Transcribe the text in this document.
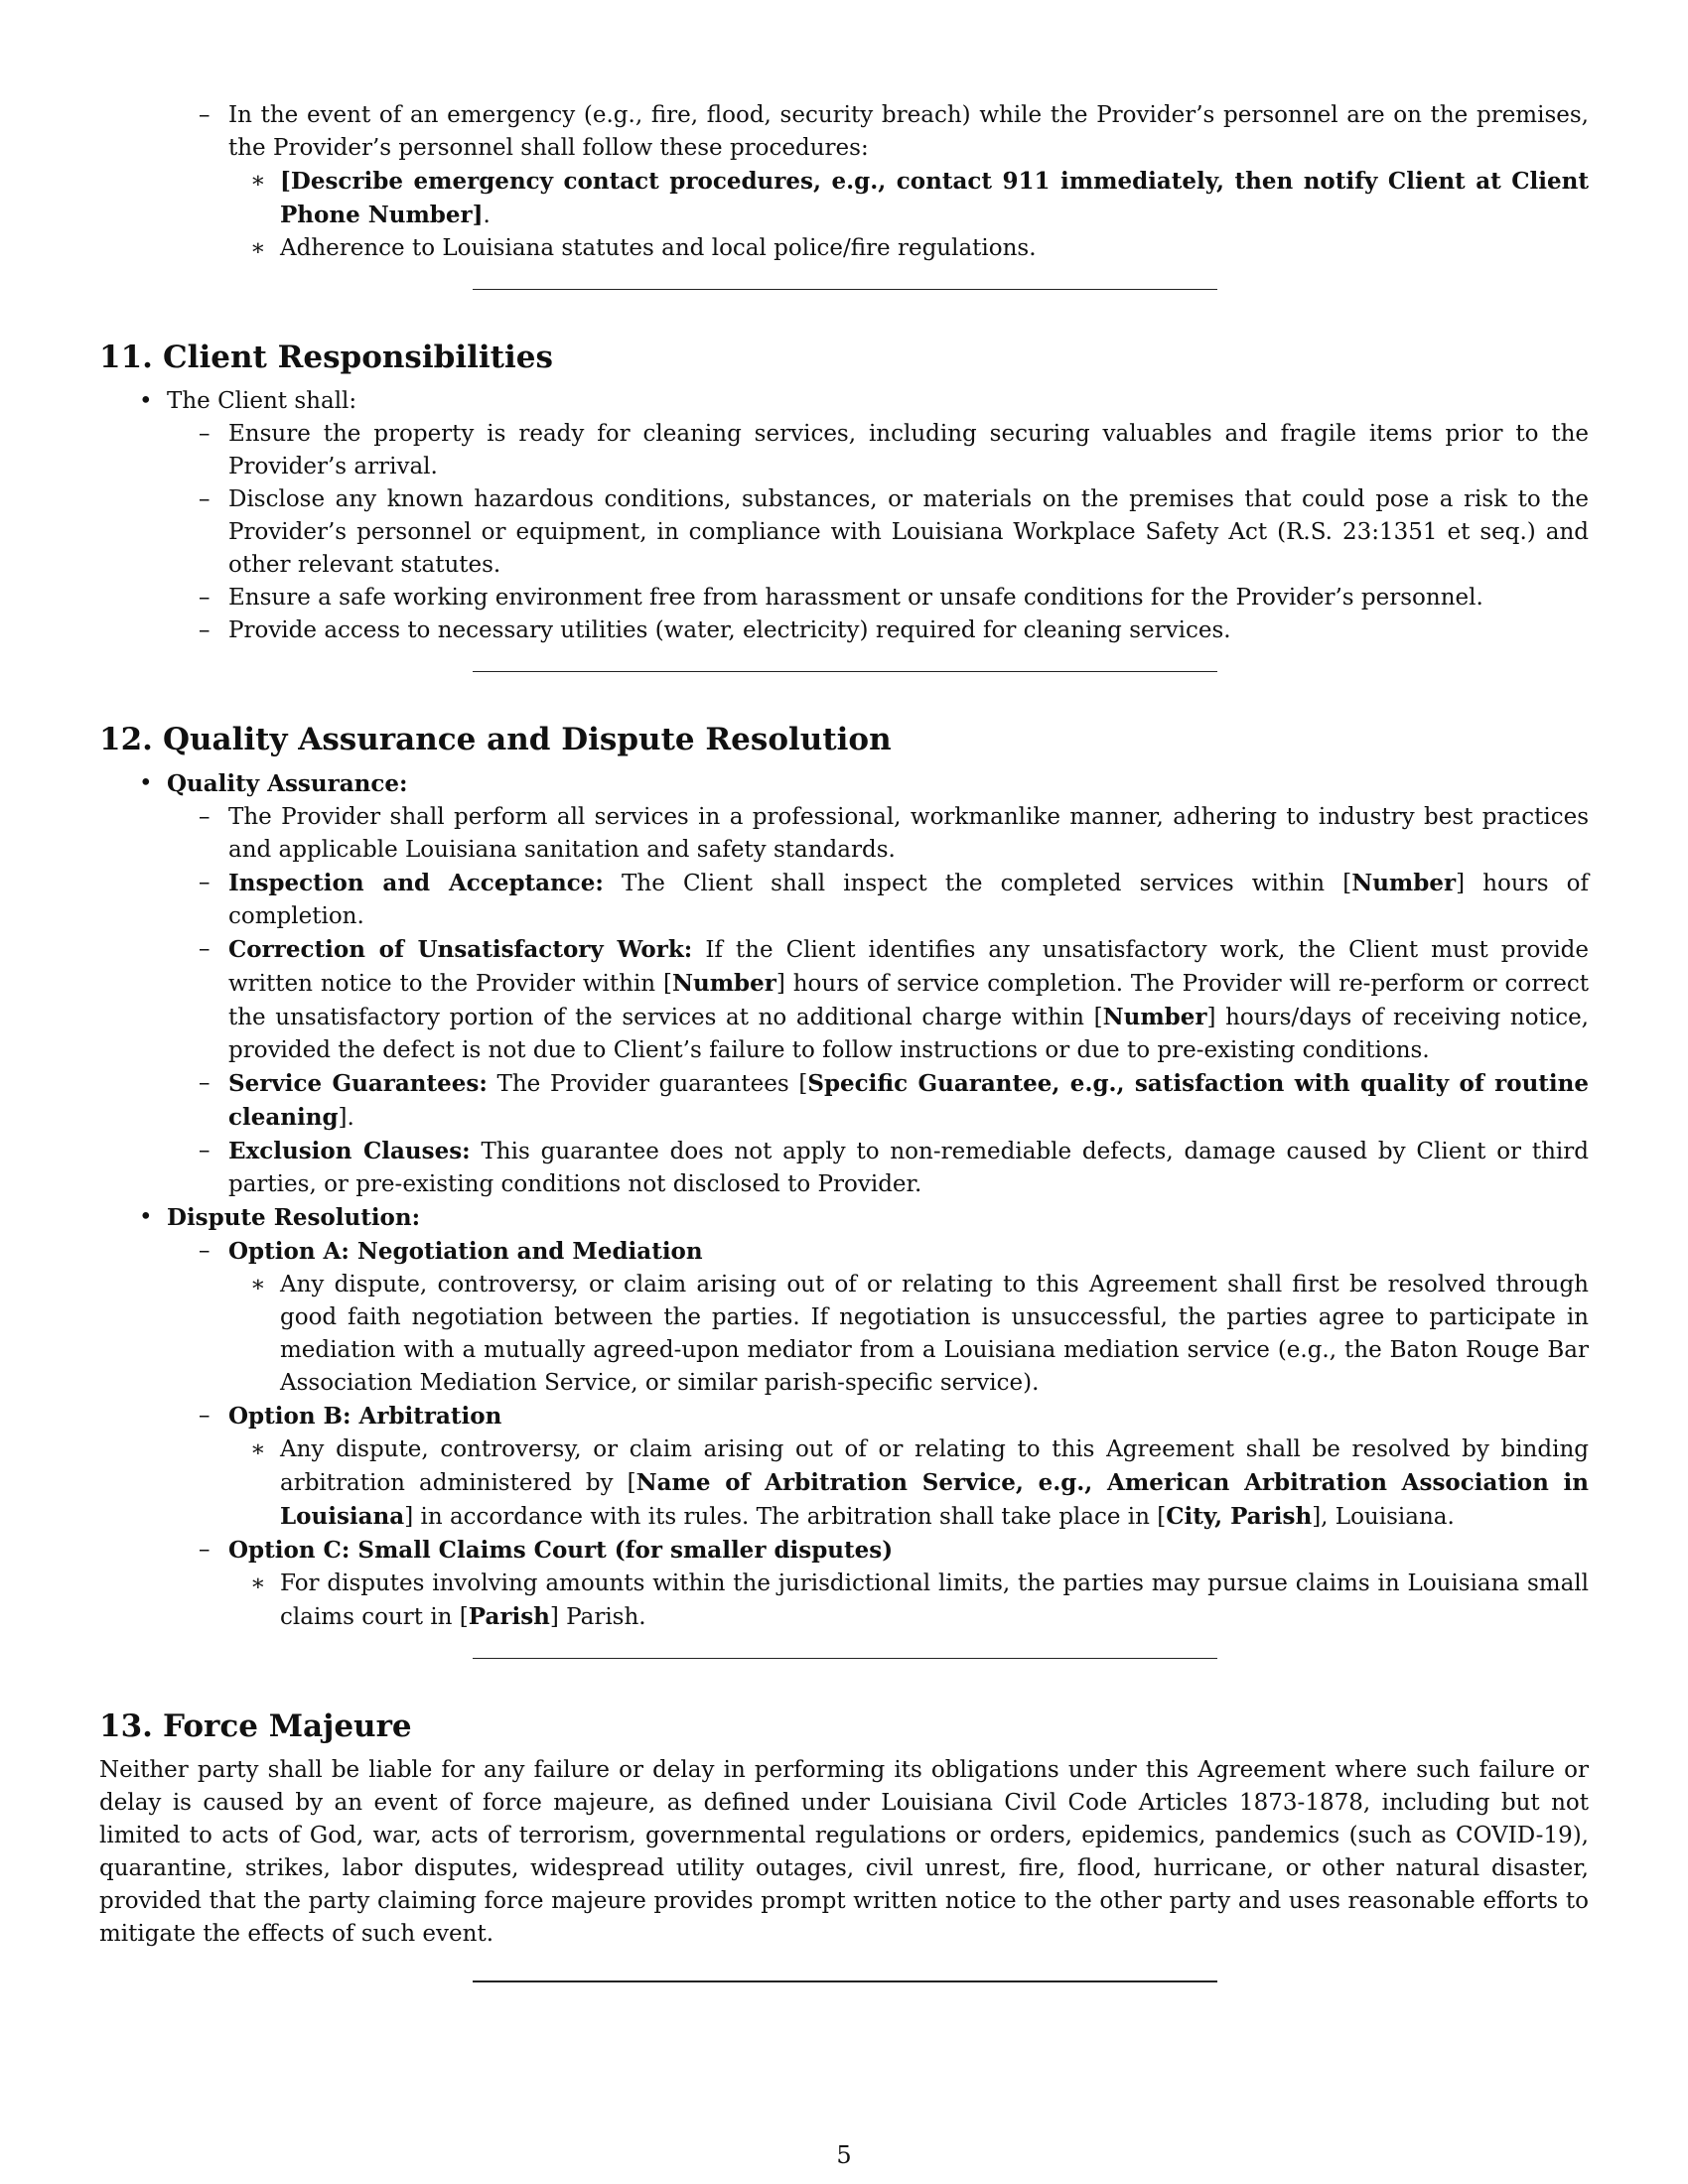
– In the event of an emergency (e.g., fire, flood, security breach) while the Provider’s personnel are on the premises, the Provider’s personnel shall follow these procedures:
∗ [Describe emergency contact procedures, e.g., contact 911 immediately, then notify Client at Client Phone Number].
∗ Adherence to Louisiana statutes and local police/fire regulations.
11. Client Responsibilities
• The Client shall:
– Ensure the property is ready for cleaning services, including securing valuables and fragile items prior to the Provider’s arrival.
– Disclose any known hazardous conditions, substances, or materials on the premises that could pose a risk to the Provider’s personnel or equipment, in compliance with Louisiana Workplace Safety Act (R.S. 23:1351 et seq.) and other relevant statutes.
– Ensure a safe working environment free from harassment or unsafe conditions for the Provider’s personnel.
– Provide access to necessary utilities (water, electricity) required for cleaning services.
12. Quality Assurance and Dispute Resolution
• Quality Assurance:
– The Provider shall perform all services in a professional, workmanlike manner, adhering to industry best practices and applicable Louisiana sanitation and safety standards.
– Inspection and Acceptance: The Client shall inspect the completed services within [Number] hours of completion.
– Correction of Unsatisfactory Work: If the Client identifies any unsatisfactory work, the Client must provide written notice to the Provider within [Number] hours of service completion. The Provider will re-perform or correct the unsatisfactory portion of the services at no additional charge within [Number] hours/days of receiving notice, provided the defect is not due to Client’s failure to follow instructions or due to pre-existing conditions.
– Service Guarantees: The Provider guarantees [Specific Guarantee, e.g., satisfaction with quality of routine cleaning].
– Exclusion Clauses: This guarantee does not apply to non-remediable defects, damage caused by Client or third parties, or pre-existing conditions not disclosed to Provider.
• Dispute Resolution:
– Option A: Negotiation and Mediation
∗ Any dispute, controversy, or claim arising out of or relating to this Agreement shall first be resolved through good faith negotiation between the parties. If negotiation is unsuccessful, the parties agree to participate in mediation with a mutually agreed-upon mediator from a Louisiana mediation service (e.g., the Baton Rouge Bar Association Mediation Service, or similar parish-specific service).
– Option B: Arbitration
∗ Any dispute, controversy, or claim arising out of or relating to this Agreement shall be resolved by binding arbitration administered by [Name of Arbitration Service, e.g., American Arbitration Association in Louisiana] in accordance with its rules. The arbitration shall take place in [City, Parish], Louisiana.
– Option C: Small Claims Court (for smaller disputes)
∗ For disputes involving amounts within the jurisdictional limits, the parties may pursue claims in Louisiana small claims court in [Parish] Parish.
13. Force Majeure
Neither party shall be liable for any failure or delay in performing its obligations under this Agreement where such failure or delay is caused by an event of force majeure, as defined under Louisiana Civil Code Articles 1873-1878, including but not limited to acts of God, war, acts of terrorism, governmental regulations or orders, epidemics, pandemics (such as COVID-19), quarantine, strikes, labor disputes, widespread utility outages, civil unrest, fire, flood, hurricane, or other natural disaster, provided that the party claiming force majeure provides prompt written notice to the other party and uses reasonable efforts to mitigate the effects of such event.
5
